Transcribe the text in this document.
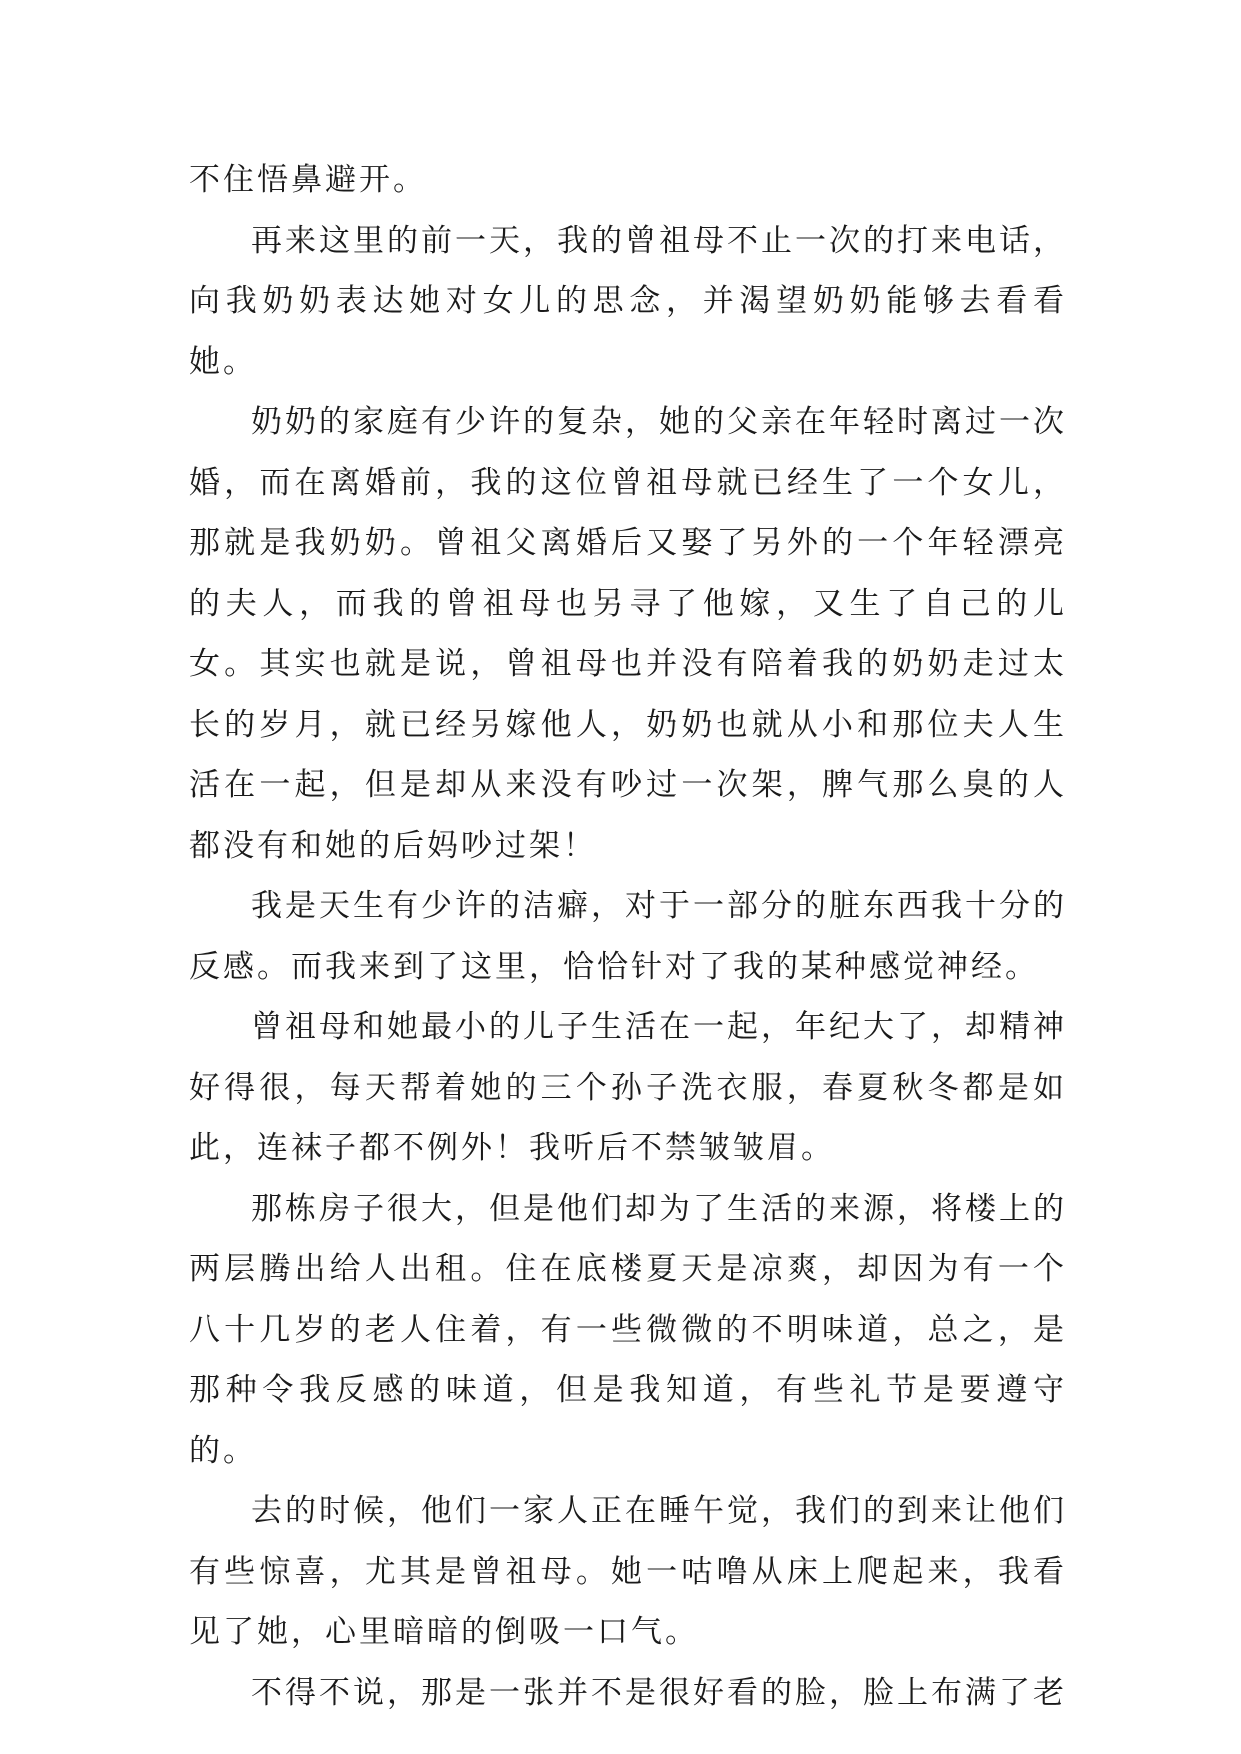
不住悟鼻避开。

再来这里的前一天，我的曾祖母不止一次的打来电话，向我奶奶表达她对女儿的思念，并渴望奶奶能够去看看她。

奶奶的家庭有少许的复杂，她的父亲在年轻时离过一次婚，而在离婚前，我的这位曾祖母就已经生了一个女儿，那就是我奶奶。曾祖父离婚后又娶了另外的一个年轻漂亮的夫人，而我的曾祖母也另寻了他嫁，又生了自己的儿女。其实也就是说，曾祖母也并没有陪着我的奶奶走过太长的岁月，就已经另嫁他人，奶奶也就从小和那位夫人生活在一起，但是却从来没有吵过一次架，脾气那么臭的人都没有和她的后妈吵过架！

我是天生有少许的洁癖，对于一部分的脏东西我十分的反感。而我来到了这里，恰恰针对了我的某种感觉神经。

曾祖母和她最小的儿子生活在一起，年纪大了，却精神好得很，每天帮着她的三个孙子洗衣服，春夏秋冬都是如此，连袜子都不例外！我听后不禁皱皱眉。

那栋房子很大，但是他们却为了生活的来源，将楼上的两层腾出给人出租。住在底楼夏天是凉爽，却因为有一个八十几岁的老人住着，有一些微微的不明味道，总之，是那种令我反感的味道，但是我知道，有些礼节是要遵守的。

去的时候，他们一家人正在睡午觉，我们的到来让他们有些惊喜，尤其是曾祖母。她一咕噜从床上爬起来，我看见了她，心里暗暗的倒吸一口气。

不得不说，那是一张并不是很好看的脸，脸上布满了老
